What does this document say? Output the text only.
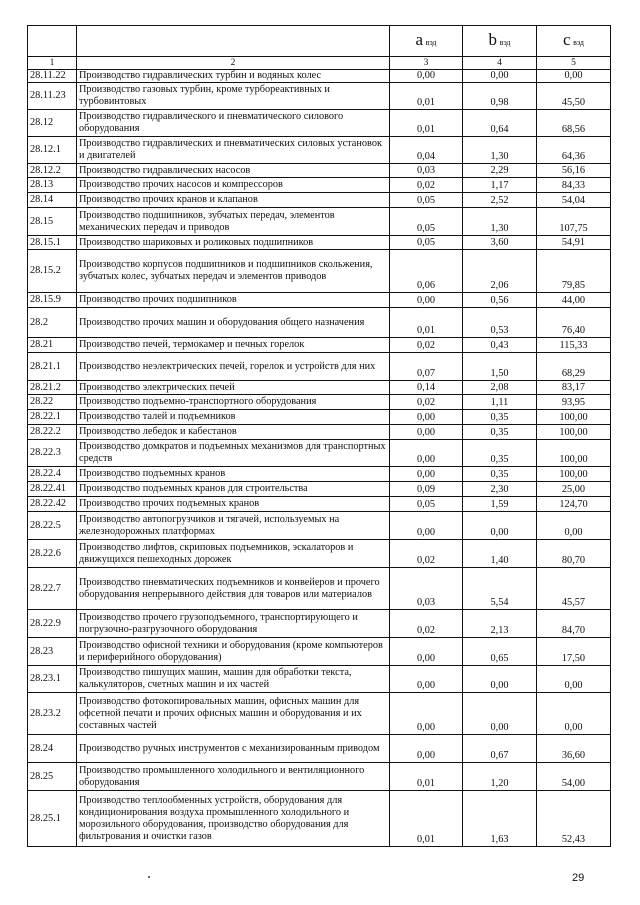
		a вэд	b вэд	c вэд
1	2	3	4	5
28.11.22	Производство гидравлических турбин и водяных колес	0,00	0,00	0,00
28.11.23	Производство газовых турбин, кроме турбореактивных и турбовинтовых	0,01	0,98	45,50
28.12	Производство гидравлического и пневматического силового оборудования	0,01	0,64	68,56
28.12.1	Производство гидравлических и пневматических силовых установок и двигателей	0,04	1,30	64,36
28.12.2	Производство гидравлических насосов	0,03	2,29	56,16
28.13	Производство прочих насосов и компрессоров	0,02	1,17	84,33
28.14	Производство прочих кранов и клапанов	0,05	2,52	54,04
28.15	Производство подшипников, зубчатых передач, элементов механических передач и приводов	0,05	1,30	107,75
28.15.1	Производство шариковых и роликовых подшипников	0,05	3,60	54,91
28.15.2	Производство корпусов подшипников и подшипников скольжения, зубчатых колес, зубчатых передач и элементов приводов	0,06	2,06	79,85
28.15.9	Производство прочих подшипников	0,00	0,56	44,00
28.2	Производство прочих машин и оборудования общего назначения	0,01	0,53	76,40
28.21	Производство печей, термокамер и печных горелок	0,02	0,43	115,33
28.21.1	Производство неэлектрических печей, горелок и устройств для них	0,07	1,50	68,29
28.21.2	Производство электрических печей	0,14	2,08	83,17
28.22	Производство подъемно-транспортного оборудования	0,02	1,11	93,95
28.22.1	Производство талей и подъемников	0,00	0,35	100,00
28.22.2	Производство лебедок и кабестанов	0,00	0,35	100,00
28.22.3	Производство домкратов и подъемных механизмов для транспортных средств	0,00	0,35	100,00
28.22.4	Производство подъемных кранов	0,00	0,35	100,00
28.22.41	Производство подъемных кранов для строительства	0,09	2,30	25,00
28.22.42	Производство прочих подъемных кранов	0,05	1,59	124,70
28.22.5	Производство автопогрузчиков и тягачей, используемых на железнодорожных платформах	0,00	0,00	0,00
28.22.6	Производство лифтов, скриповых подъемников, эскалаторов и движущихся пешеходных дорожек	0,02	1,40	80,70
28.22.7	Производство пневматических подъемников и конвейеров и прочего оборудования непрерывного действия для товаров или материалов	0,03	5,54	45,57
28.22.9	Производство прочего грузоподъемного, транспортирующего и погрузочно-разгрузочного оборудования	0,02	2,13	84,70
28.23	Производство офисной техники и оборудования (кроме компьютеров и периферийного оборудования)	0,00	0,65	17,50
28.23.1	Производство пишущих машин, машин для обработки текста, калькуляторов, счетных машин и их частей	0,00	0,00	0,00
28.23.2	Производство фотокопировальных машин, офисных машин для офсетной печати и прочих офисных машин и оборудования и их составных частей	0,00	0,00	0,00
28.24	Производство ручных инструментов с механизированным приводом	0,00	0,67	36,60
28.25	Производство промышленного холодильного и вентиляционного оборудования	0,01	1,20	54,00
28.25.1	Производство теплообменных устройств, оборудования для кондиционирования воздуха промышленного холодильного и морозильного оборудования, производство оборудования для фильтрования и очистки газов	0,01	1,63	52,43
29
